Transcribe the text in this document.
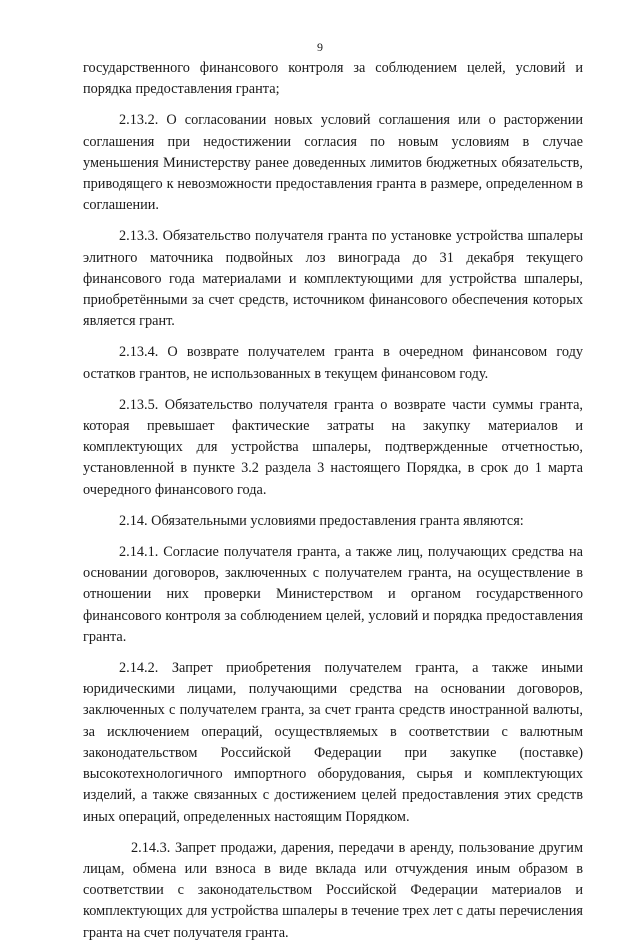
9

государственного финансового контроля за соблюдением целей, условий и порядка предоставления гранта;

2.13.2. О согласовании новых условий соглашения или о расторжении соглашения при недостижении согласия по новым условиям в случае уменьшения Министерству ранее доведенных лимитов бюджетных обязательств, приводящего к невозможности предоставления гранта в размере, определенном в соглашении.

2.13.3. Обязательство получателя гранта по установке устройства шпалеры элитного маточника подвойных лоз винограда до 31 декабря текущего финансового года материалами и комплектующими для устройства шпалеры, приобретёнными за счет средств, источником финансового обеспечения которых является грант.

2.13.4. О возврате получателем гранта в очередном финансовом году остатков грантов, не использованных в текущем финансовом году.

2.13.5. Обязательство получателя гранта о возврате части суммы гранта, которая превышает фактические затраты на закупку материалов и комплектующих для устройства шпалеры, подтвержденные отчетностью, установленной в пункте 3.2 раздела 3 настоящего Порядка, в срок до 1 марта очередного финансового года.

2.14. Обязательными условиями предоставления гранта являются:

2.14.1. Согласие получателя гранта, а также лиц, получающих средства на основании договоров, заключенных с получателем гранта, на осуществление в отношении них проверки Министерством и органом государственного финансового контроля за соблюдением целей, условий и порядка предоставления гранта.

2.14.2. Запрет приобретения получателем гранта, а также иными юридическими лицами, получающими средства на основании договоров, заключенных с получателем гранта, за счет гранта средств иностранной валюты, за исключением операций, осуществляемых в соответствии с валютным законодательством Российской Федерации при закупке (поставке) высокотехнологичного импортного оборудования, сырья и комплектующих изделий, а также связанных с достижением целей предоставления этих средств иных операций, определенных настоящим Порядком.

2.14.3. Запрет продажи, дарения, передачи в аренду, пользование другим лицам, обмена или взноса в виде вклада или отчуждения иным образом в соответствии с законодательством Российской Федерации материалов и комплектующих для устройства шпалеры в течение трех лет с даты перечисления гранта на счет получателя гранта.
